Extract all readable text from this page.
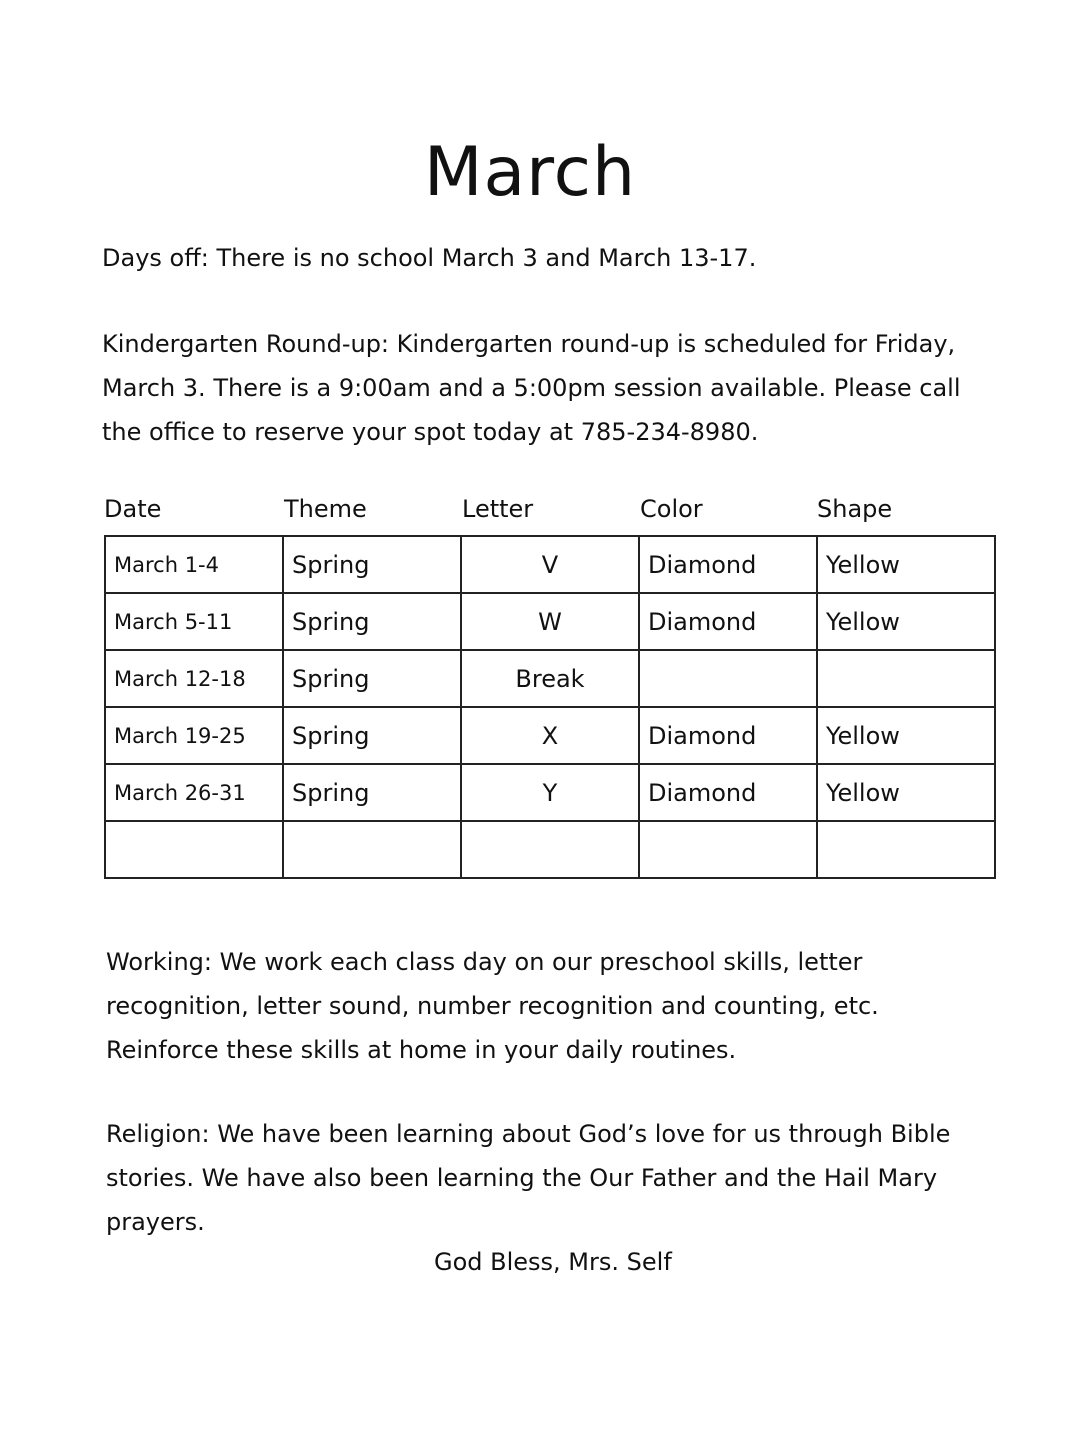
March
Days off: There is no school March 3 and March 13-17.
Kindergarten Round-up: Kindergarten round-up is scheduled for Friday,
March 3. There is a 9:00am and a 5:00pm session available. Please call
the office to reserve your spot today at 785-234-8980.
Date	Theme	Letter	Color	Shape
March 1-4	Spring	V	Diamond	Yellow
March 5-11	Spring	W	Diamond	Yellow
March 12-18	Spring	Break		
March 19-25	Spring	X	Diamond	Yellow
March 26-31	Spring	Y	Diamond	Yellow

Working: We work each class day on our preschool skills, letter
recognition, letter sound, number recognition and counting, etc.
Reinforce these skills at home in your daily routines.
Religion: We have been learning about God’s love for us through Bible
stories. We have also been learning the Our Father and the Hail Mary
prayers.
God Bless, Mrs. Self
